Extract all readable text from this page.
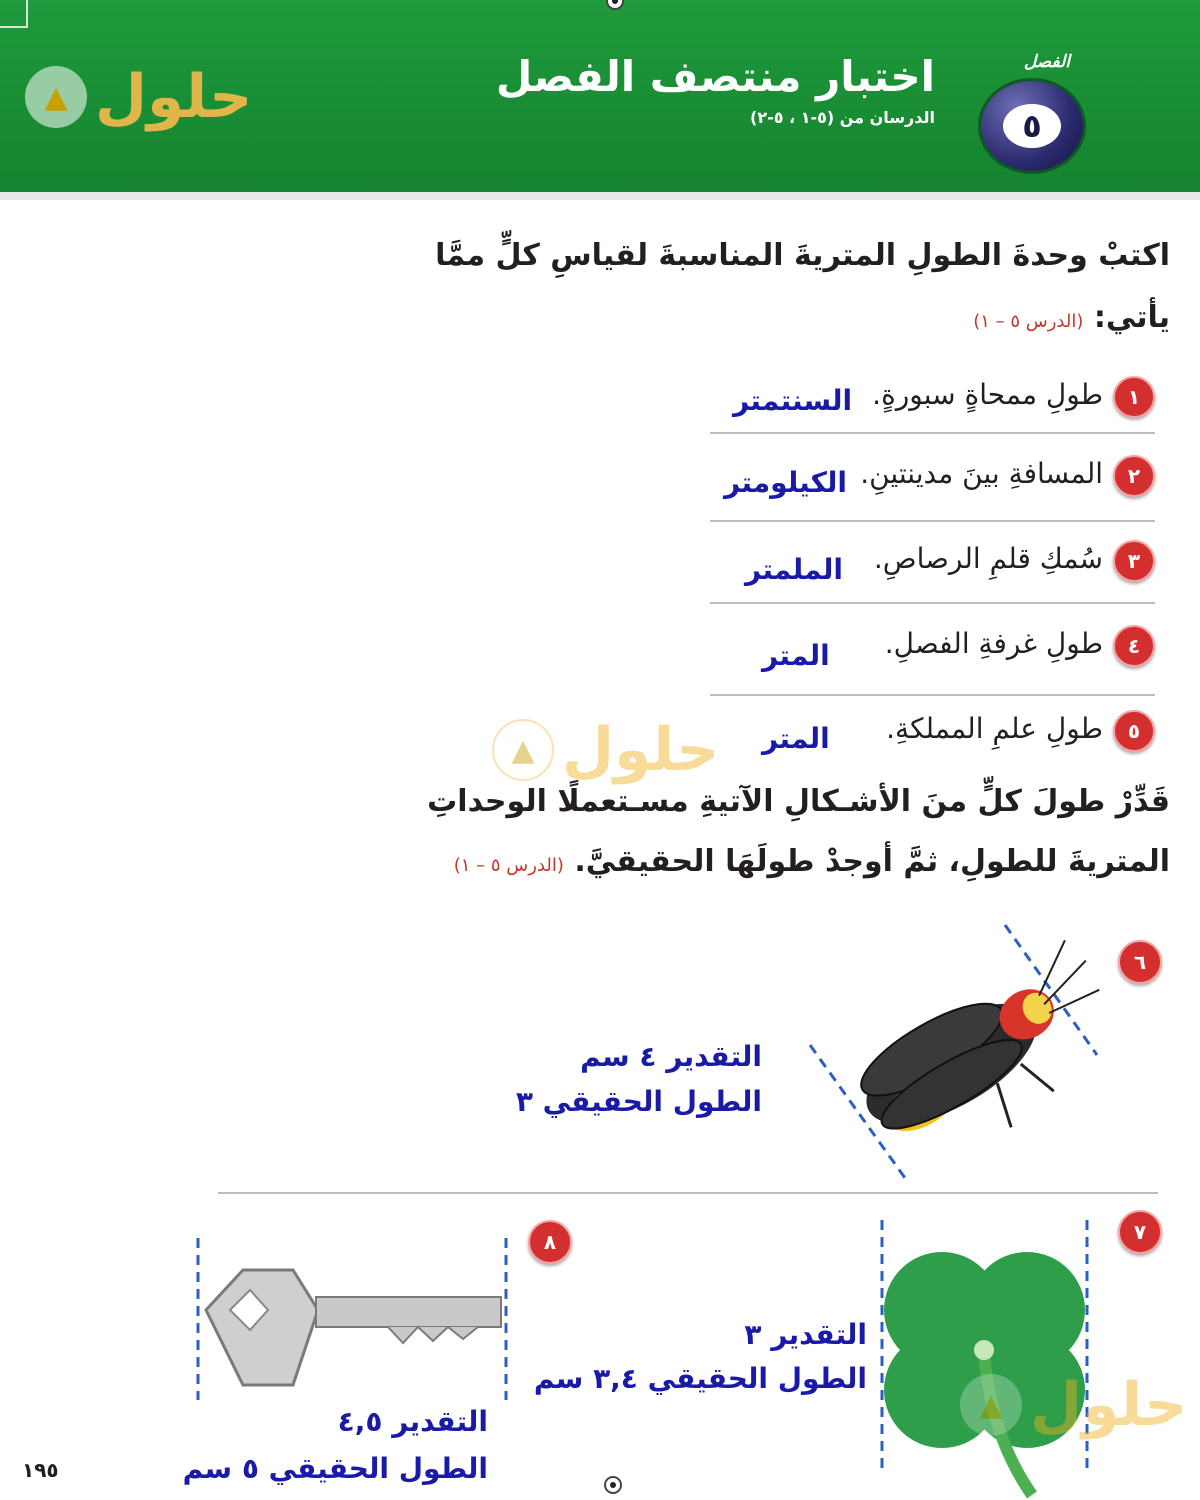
حلول
▲	اختبار منتصف الفصل
الدرسان من (٥-١ ، ٥-٢)
الفصل
٥
اكتبْ وحدةَ الطولِ المتريةَ المناسبةَ لقياسِ كلٍّ ممَّا
يأتي: (الدرس ٥ – ١)
١
طولِ ممحاةٍ سبورةٍ.
السنتمتر
٢
المسافةِ بينَ مدينتينِ.
الكيلومتر
٣
سُمكِ قلمِ الرصاصِ.
الملمتر
٤
طولِ غرفةِ الفصلِ.
المتر
٥
طولِ علمِ المملكةِ.
المتر
حلول
▲
قَدِّرْ طولَ كلٍّ منَ الأشـكالِ الآتيةِ مسـتعملًا الوحداتِ
المتريةَ للطولِ، ثمَّ أوجدْ طولَهَا الحقيقيَّ. (الدرس ٥ – ١)
٦
التقدير ٤ سم
الطول الحقيقي ٣
٧
حلول
▲
التقدير ٣
الطول الحقيقي ٣,٤ سم
٨
التقدير ٤,٥
الطول الحقيقي ٥ سم
١٩٥
